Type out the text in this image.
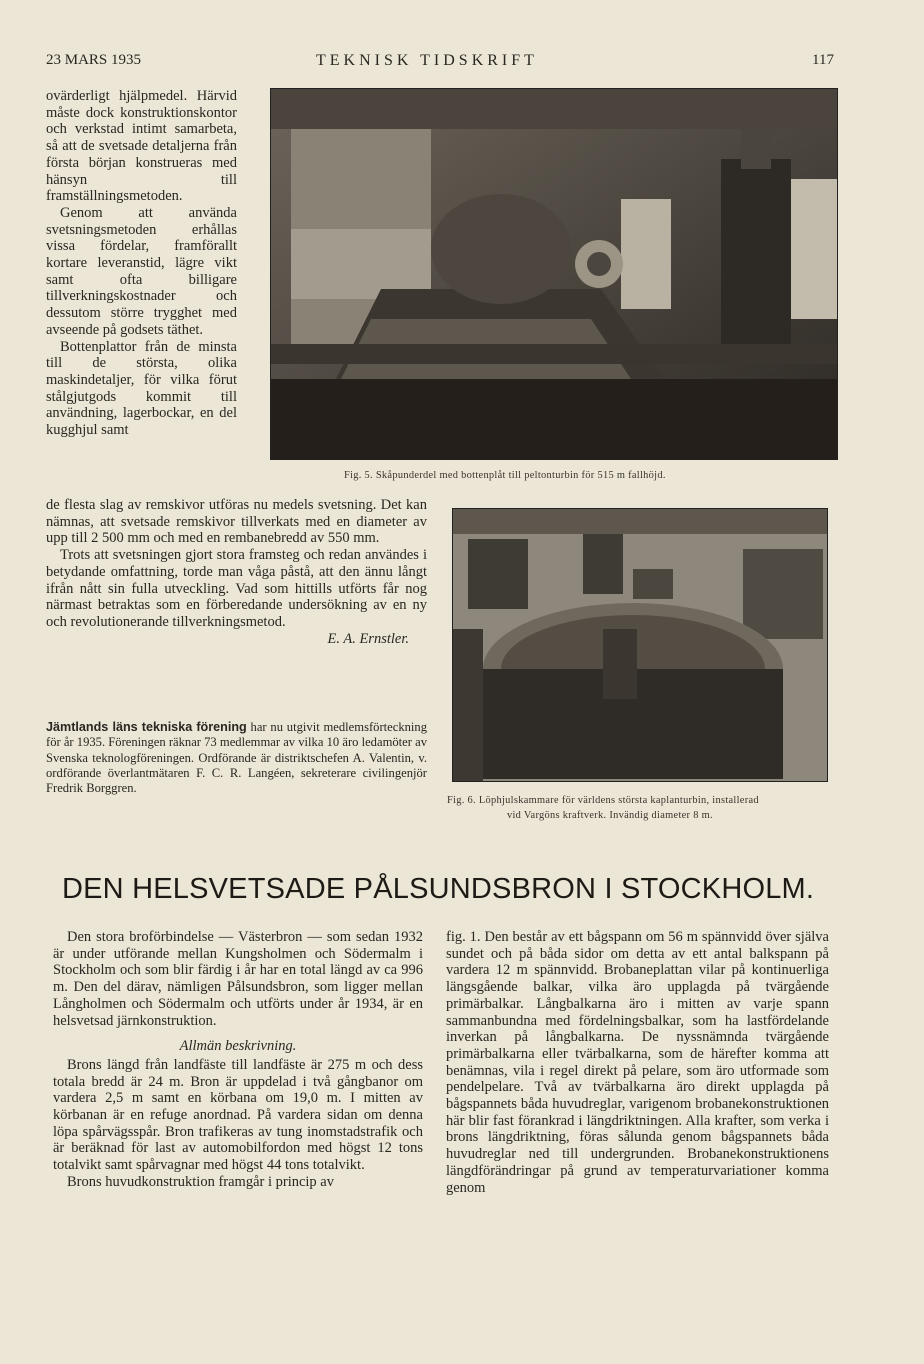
23 MARS 1935	TEKNISK TIDSKRIFT	117

ovärderligt hjälpmedel. Härvid måste dock konstruktionskontor och verkstad intimt samarbeta, så att de svetsade detaljerna från första början konstrueras med hänsyn till framställningsmetoden.

Genom att använda svetsningsmetoden erhållas vissa fördelar, framförallt kortare leveranstid, lägre vikt samt ofta billigare tillverkningskostnader och dessutom större trygghet med avseende på godsets täthet.

Bottenplattor från de minsta till de största, olika maskindetaljer, för vilka förut stålgjutgods kommit till användning, lagerbockar, en del kugghjul samt

de flesta slag av remskivor utföras nu medels svetsning. Det kan nämnas, att svetsade remskivor tillverkats med en diameter av upp till 2 500 mm och med en rembanebredd av 550 mm.

Trots att svetsningen gjort stora framsteg och redan användes i betydande omfattning, torde man våga påstå, att den ännu långt ifrån nått sin fulla utveckling. Vad som hittills utförts får nog närmast betraktas som en förberedande undersökning av en ny och revolutionerande tillverkningsmetod.

E. A. Ernstler.

Jämtlands läns tekniska förening har nu utgivit medlemsförteckning för år 1935. Föreningen räknar 73 medlemmar av vilka 10 äro ledamöter av Svenska teknologföreningen. Ordförande är distriktschefen A. Valentin, v. ordförande överlantmätaren F. C. R. Langéen, sekreterare civilingenjör Fredrik Borggren.

Fig. 5. Skåpunderdel med bottenplåt till peltonturbin för 515 m fallhöjd.
Fig. 6. Löphjulskammare för världens största kaplanturbin, installerad
vid Vargöns kraftverk. Invändig diameter 8 m.
DEN HELSVETSADE PÅLSUNDSBRON I STOCKHOLM.

Den stora broförbindelse — Västerbron — som sedan 1932 är under utförande mellan Kungsholmen och Södermalm i Stockholm och som blir färdig i år har en total längd av ca 996 m. Den del därav, nämligen Pålsundsbron, som ligger mellan Långholmen och Södermalm och utförts under år 1934, är en helsvetsad järnkonstruktion.

Allmän beskrivning.

Brons längd från landfäste till landfäste är 275 m och dess totala bredd är 24 m. Bron är uppdelad i två gångbanor om vardera 2,5 m samt en körbana om 19,0 m. I mitten av körbanan är en refuge anordnad. På vardera sidan om denna löpa spårvägsspår. Bron trafikeras av tung inomstadstrafik och är beräknad för last av automobilfordon med högst 12 tons totalvikt samt spårvagnar med högst 44 tons totalvikt.

Brons huvudkonstruktion framgår i princip av

fig. 1. Den består av ett bågspann om 56 m spännvidd över själva sundet och på båda sidor om detta av ett antal balkspann på vardera 12 m spännvidd. Brobaneplattan vilar på kontinuerliga längsgående balkar, vilka äro upplagda på tvärgående primärbalkar. Långbalkarna äro i mitten av varje spann sammanbundna med fördelningsbalkar, som ha lastfördelande inverkan på långbalkarna. De nyssnämnda tvärgående primärbalkarna eller tvärbalkarna, som de härefter komma att benämnas, vila i regel direkt på pelare, som äro utformade som pendelpelare. Två av tvärbalkarna äro direkt upplagda på bågspannets båda huvudreglar, varigenom brobanekonstruktionen här blir fast förankrad i längdriktningen. Alla krafter, som verka i brons längdriktning, föras sålunda genom bågspannets båda huvudreglar ned till undergrunden. Brobanekonstruktionens längdförändringar på grund av temperaturvariationer komma genom
